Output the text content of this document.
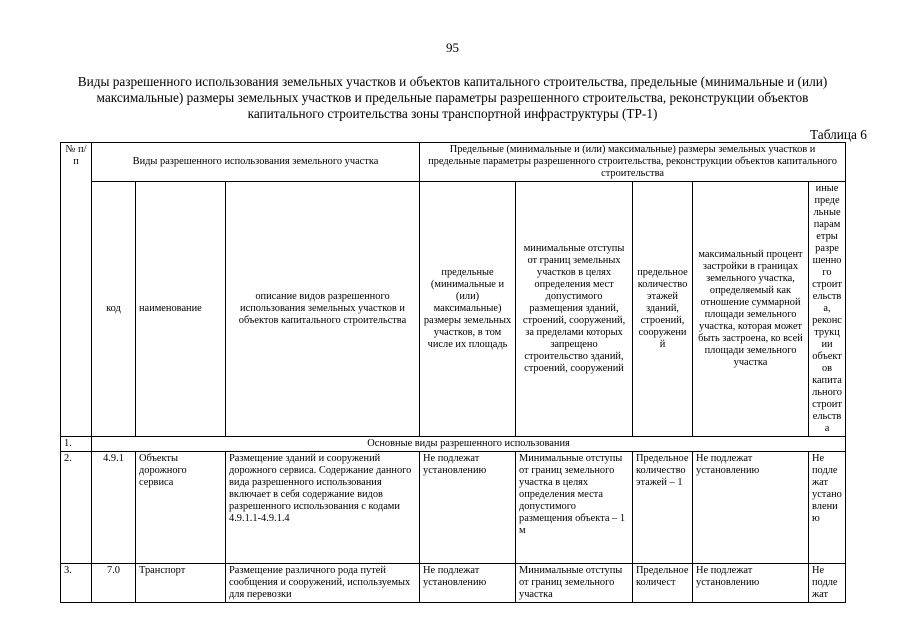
95
Виды разрешенного использования земельных участков и объектов капитального строительства, предельные (минимальные и (или) максимальные) размеры земельных участков и предельные параметры разрешенного строительства, реконструкции объектов капитального строительства зоны транспортной инфраструктуры (ТР-1)
Таблица 6
№ п/п	Виды разрешенного использования земельного участка			Предельные (минимальные и (или) максимальные) размеры земельных участков и предельные параметры разрешенного строительства, реконструкции объектов капитального строительства				
	код	наименование	описание видов разрешенного использования земельных участков и объектов капитального строительства	предельные (минимальные и (или) максимальные) размеры земельных участков, в том числе их площадь	минимальные отступы от границ земельных участков в целях определения мест допустимого размещения зданий, строений, сооружений, за пределами которых запрещено строительство зданий, строений, сооружений	предельное количество этажей зданий, строений, сооружений	максимальный процент застройки в границах земельного участка, определяемый как отношение суммарной площади земельного участка, которая может быть застроена, ко всей площади земельного участка	иные предельные параметры разрешенного строительства, реконструкции объектов капитального строительства
1.	Основные виды разрешенного использования							
2.	4.9.1	Объекты дорожного сервиса	Размещение зданий и сооружений дорожного сервиса. Содержание данного вида разрешенного использования включает в себя содержание видов разрешенного использования с кодами 4.9.1.1-4.9.1.4	Не подлежат установлению	Минимальные отступы от границ земельного участка в целях определения места допустимого размещения объекта – 1 м	Предельное количество этажей – 1	Не подлежат установлению	Не подлежат установлению
3.	7.0	Транспорт	Размещение различного рода путей сообщения и сооружений, используемых для перевозки	Не подлежат установлению	Минимальные отступы от границ земельного участка	Предельное количест	Не подлежат установлению	Не подлежат
